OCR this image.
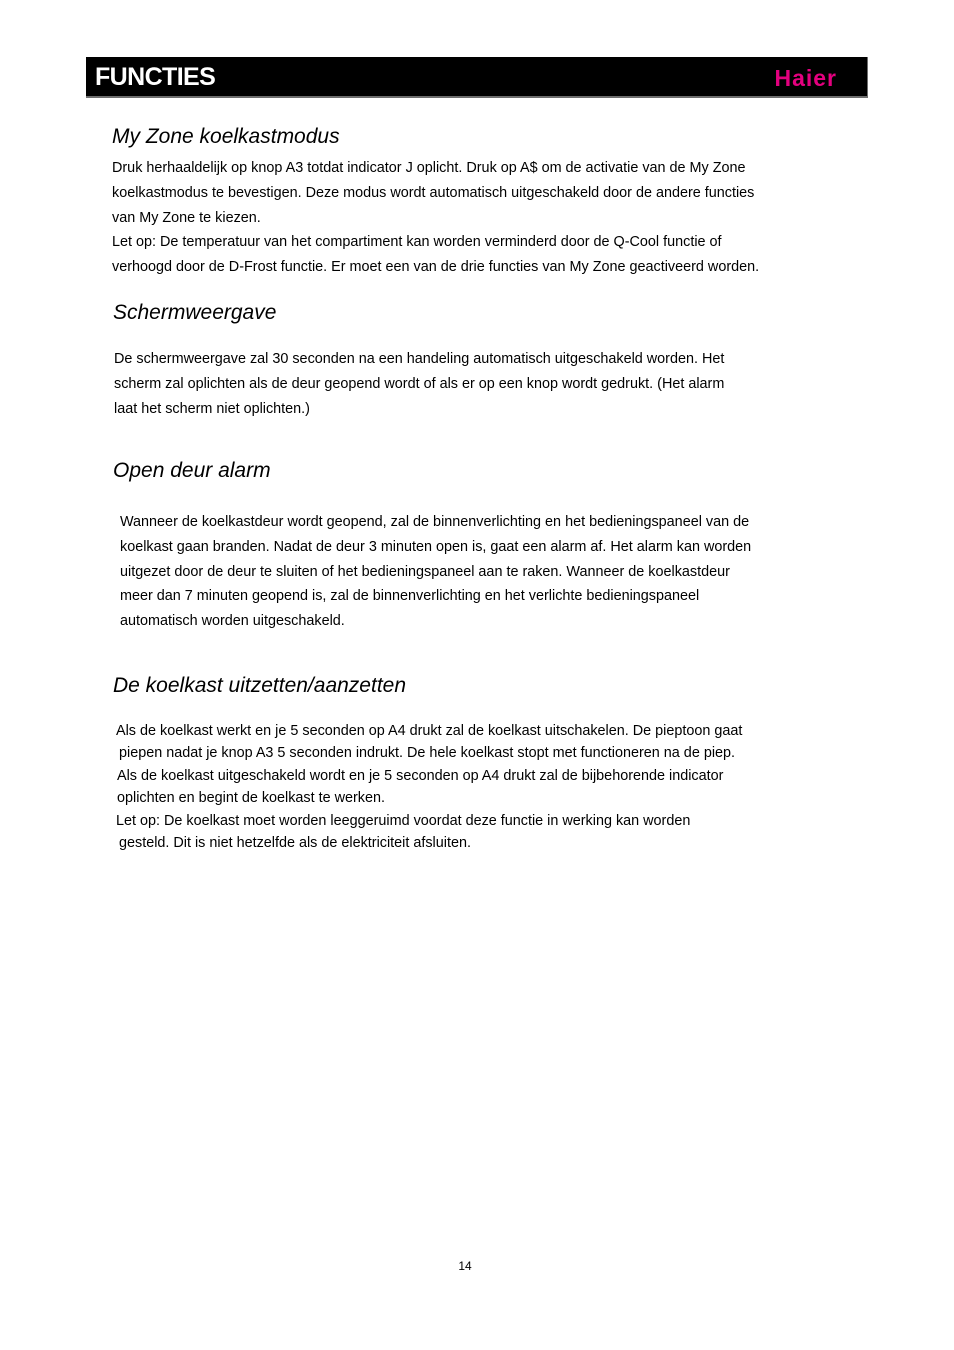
FUNCTIES	Haier
My Zone koelkastmodus
Druk herhaaldelijk op knop A3 totdat indicator J oplicht. Druk op A$ om de activatie van de My Zone
koelkastmodus te bevestigen. Deze modus wordt automatisch uitgeschakeld door de andere functies
van My Zone te kiezen.
Let op: De temperatuur van het compartiment kan worden verminderd door de Q-Cool functie of
verhoogd door de D-Frost functie. Er moet een van de drie functies van My Zone geactiveerd worden.
Schermweergave
De schermweergave zal 30 seconden na een handeling automatisch uitgeschakeld worden. Het
scherm zal oplichten als de deur geopend wordt of als er op een knop wordt gedrukt. (Het alarm
laat het scherm niet oplichten.)
Open deur alarm
Wanneer de koelkastdeur wordt geopend, zal de binnenverlichting en het bedieningspaneel van de
koelkast gaan branden. Nadat de deur 3 minuten open is, gaat een alarm af. Het alarm kan worden
uitgezet door de deur te sluiten of het bedieningspaneel aan te raken. Wanneer de koelkastdeur
meer dan 7 minuten geopend is, zal de binnenverlichting en het verlichte bedieningspaneel
automatisch worden uitgeschakeld.
De koelkast uitzetten/aanzetten
Als de koelkast werkt en je 5 seconden op A4 drukt zal de koelkast uitschakelen. De pieptoon gaat
piepen nadat je knop A3 5 seconden indrukt. De hele koelkast stopt met functioneren na de piep.
Als de koelkast uitgeschakeld wordt en je 5 seconden op A4 drukt zal de bijbehorende indicator
oplichten en begint de koelkast te werken.
Let op: De koelkast moet worden leeggeruimd voordat deze functie in werking kan worden
gesteld. Dit is niet hetzelfde als de elektriciteit afsluiten.
14
